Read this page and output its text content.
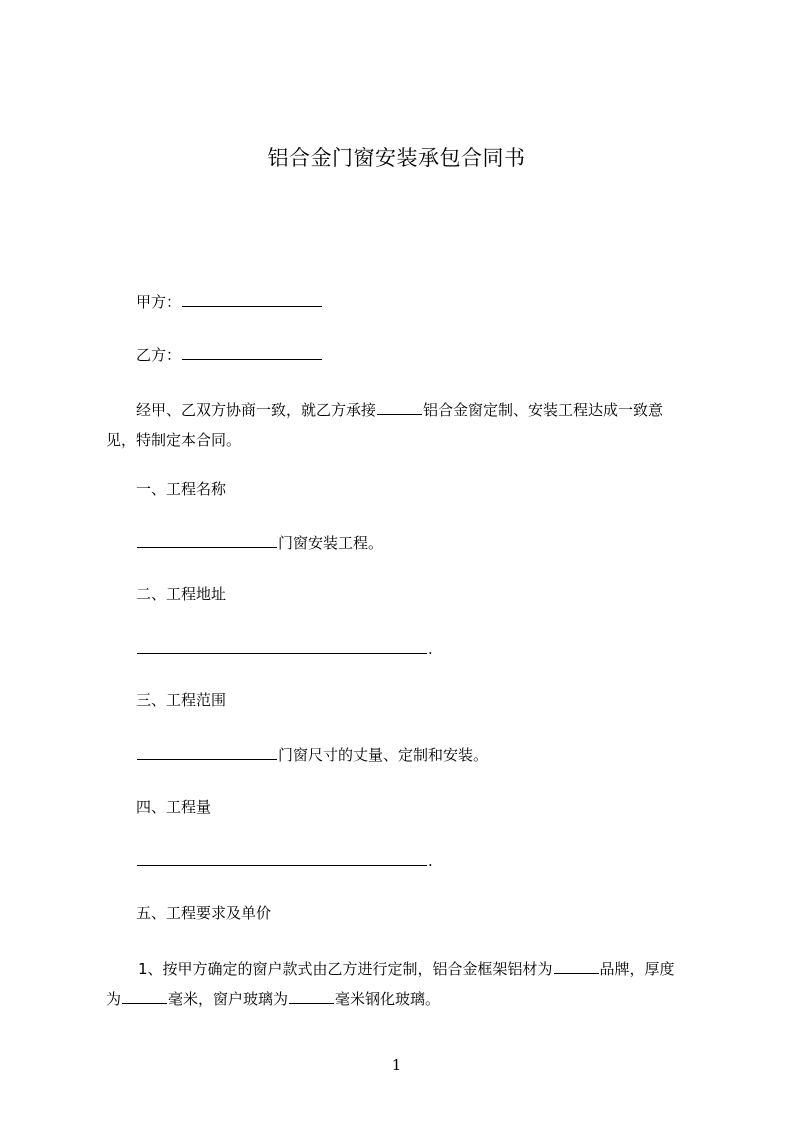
铝合金门窗安装承包合同书
甲方：
乙方：
经甲、乙双方协商一致，就乙方承接	铝合金窗定制、安装工程达成一致意
见，特制定本合同。
一、工程名称
门窗安装工程。
二、工程地址
.
三、工程范围
门窗尺寸的丈量、定制和安装。
四、工程量
.
五、工程要求及单价
1、按甲方确定的窗户款式由乙方进行定制，铝合金框架铝材为	品牌，厚度
为	毫米，窗户玻璃为	毫米钢化玻璃。
1
